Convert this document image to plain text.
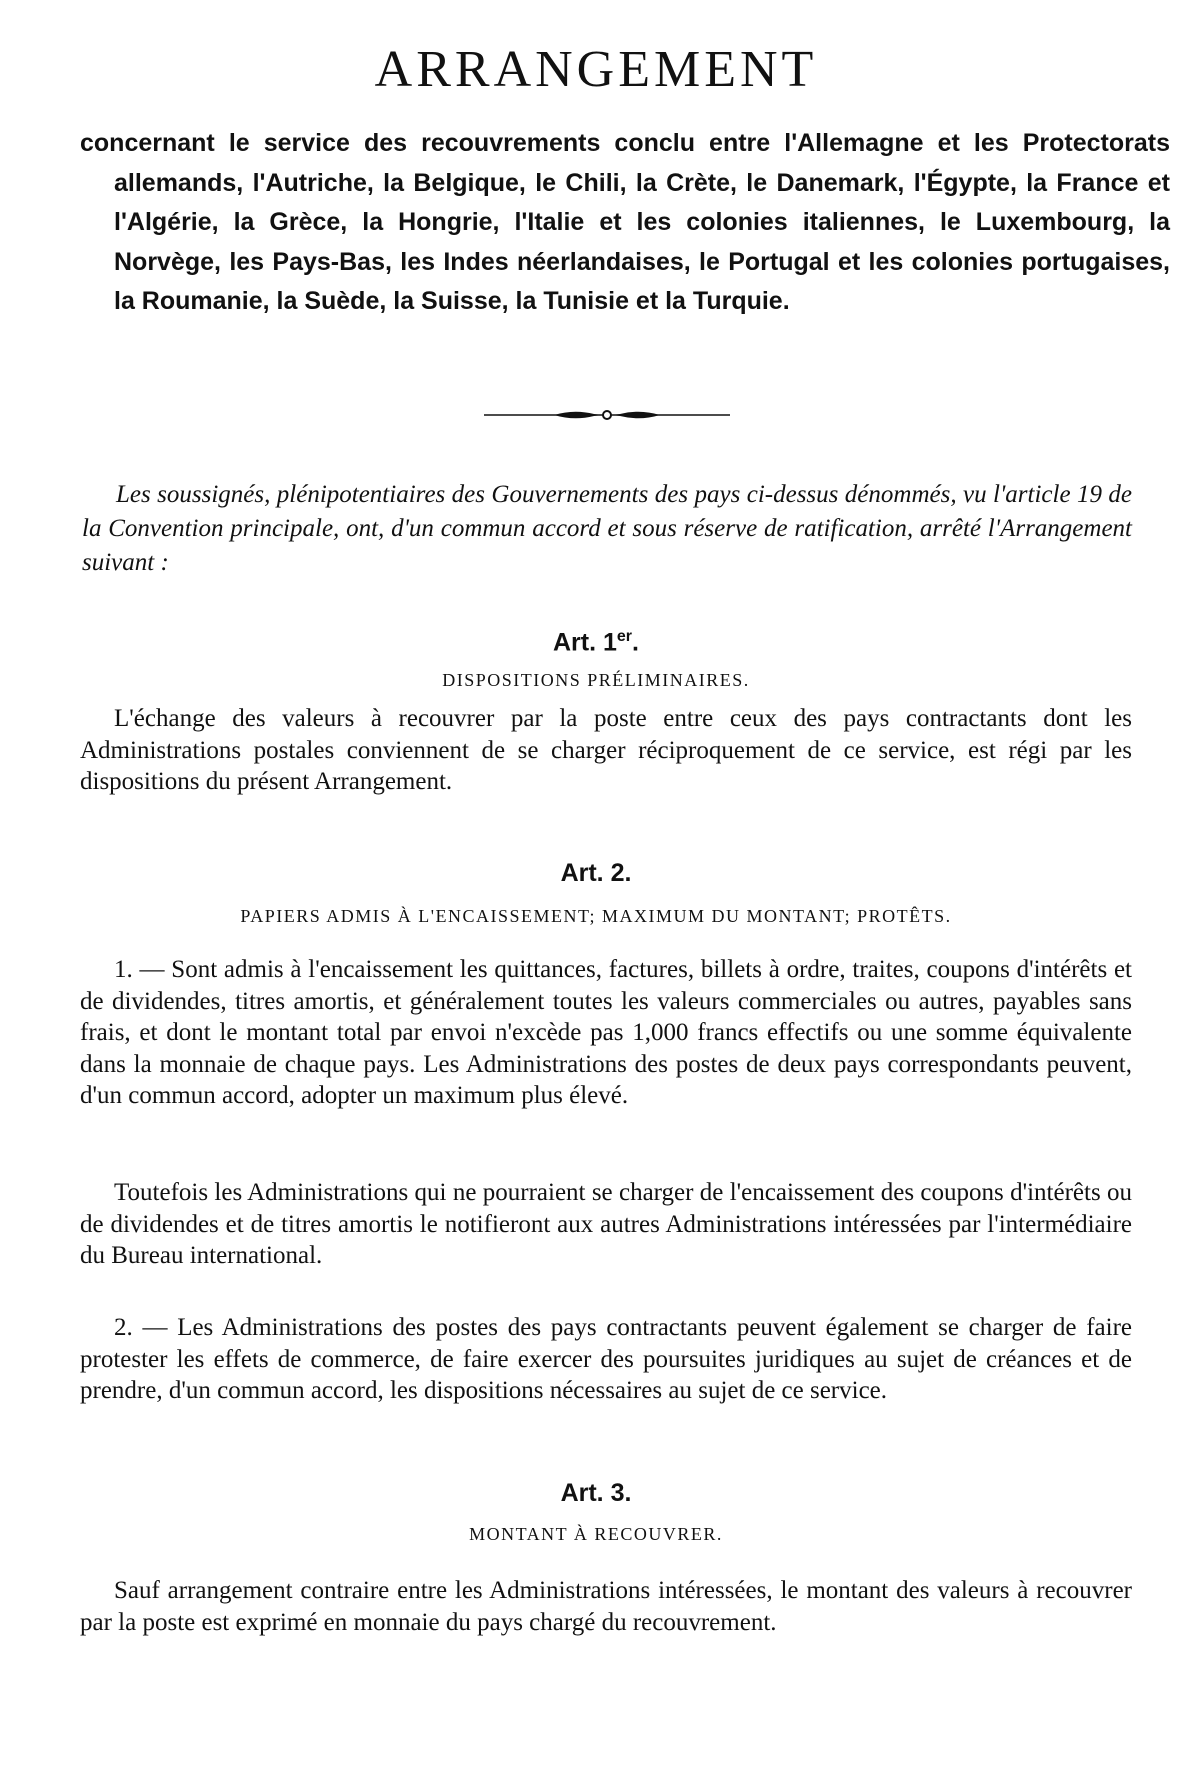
ARRANGEMENT
concernant le service des recouvrements conclu entre l'Allemagne et les Protectorats allemands, l'Autriche, la Belgique, le Chili, la Crète, le Danemark, l'Égypte, la France et l'Algérie, la Grèce, la Hongrie, l'Italie et les colonies italiennes, le Luxembourg, la Norvège, les Pays-Bas, les Indes néerlandaises, le Portugal et les colonies portugaises, la Roumanie, la Suède, la Suisse, la Tunisie et la Turquie.

Les soussignés, plénipotentiaires des Gouvernements des pays ci-dessus dénommés, vu l'article 19 de la Convention principale, ont, d'un commun accord et sous réserve de ratification, arrêté l'Arrangement suivant :

Art. 1er.
DISPOSITIONS PRÉLIMINAIRES.

L'échange des valeurs à recouvrer par la poste entre ceux des pays contractants dont les Administrations postales conviennent de se charger réciproquement de ce service, est régi par les dispositions du présent Arrangement.

Art. 2.
PAPIERS ADMIS À L'ENCAISSEMENT; MAXIMUM DU MONTANT; PROTÊTS.

1. — Sont admis à l'encaissement les quittances, factures, billets à ordre, traites, coupons d'intérêts et de dividendes, titres amortis, et généralement toutes les valeurs commerciales ou autres, payables sans frais, et dont le montant total par envoi n'excède pas 1,000 francs effectifs ou une somme équivalente dans la monnaie de chaque pays. Les Administrations des postes de deux pays correspondants peuvent, d'un commun accord, adopter un maximum plus élevé.

Toutefois les Administrations qui ne pourraient se charger de l'encaissement des coupons d'intérêts ou de dividendes et de titres amortis le notifieront aux autres Administrations intéressées par l'intermédiaire du Bureau international.

2. — Les Administrations des postes des pays contractants peuvent également se charger de faire protester les effets de commerce, de faire exercer des poursuites juridiques au sujet de créances et de prendre, d'un commun accord, les dispositions nécessaires au sujet de ce service.

Art. 3.
MONTANT À RECOUVRER.

Sauf arrangement contraire entre les Administrations intéressées, le montant des valeurs à recouvrer par la poste est exprimé en monnaie du pays chargé du recouvrement.
